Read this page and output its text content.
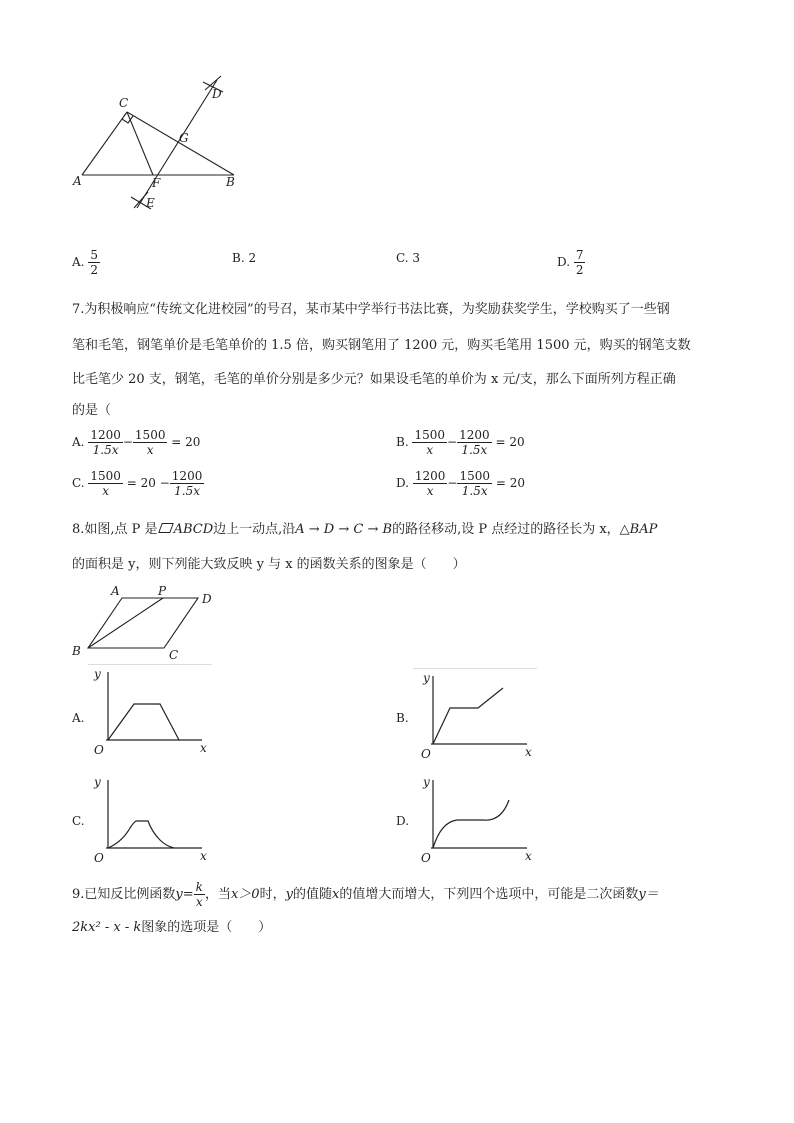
C
D
G
A	F	B
E
A. $\frac{5}{2}$	B. 2	C. 3	D. $\frac{7}{2}$
7.为积极响应“传统文化进校园”的号召，某市某中学举行书法比赛，为奖励获奖学生，学校购买了一些钢
笔和毛笔，钢笔单价是毛笔单价的 1.5 倍，购买钢笔用了 1200 元，购买毛笔用 1500 元，购买的钢笔支数
比毛笔少 20 支，钢笔，毛笔的单价分别是多少元？如果设毛笔的单价为 x 元/支，那么下面所列方程正确
的是（
A. $\frac{1200}{1.5x} - \frac{1500}{x} = 20$	B. $\frac{1500}{x} - \frac{1200}{1.5x} = 20$
C. $\frac{1500}{x} = 20 - \frac{1200}{1.5x}$	D. $\frac{1200}{x} - \frac{1500}{1.5x} = 20$
8.如图,点 P 是 ABCD边上一动点,沿A → D → C → B的路径移动,设 P 点经过的路径长为 x，△BAP
的面积是 y，则下列能大致反映 y 与 x 的函数关系的图象是（　　）
A	P
D
B	C
A.
y
x
O
B.
y
x
O
C.
y
x
O
D.
y
x
O
9.已知反比例函数$y= \frac{k}{x}$ ，当x＞0时，y的值随x的值增大而增大，下列四个选项中，可能是二次函数y＝
2kx² - x - k图象的选项是（　　）
